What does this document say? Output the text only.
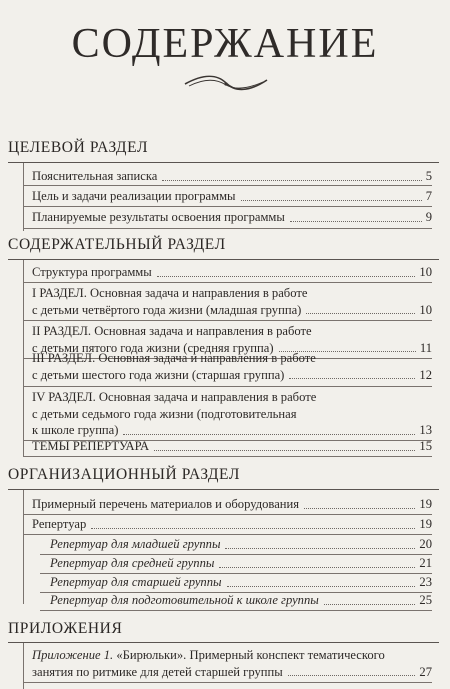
СОДЕРЖАНИЕ
ЦЕЛЕВОЙ РАЗДЕЛ
Пояснительная записка	5
Цель и задачи реализации программы	7
Планируемые результаты освоения программы	9
СОДЕРЖАТЕЛЬНЫЙ РАЗДЕЛ
Структура программы	10
I РАЗДЕЛ. Основная задача и направления в работе
с детьми четвёртого года жизни (младшая группа)	10
II РАЗДЕЛ. Основная задача и направления в работе
с детьми пятого года жизни (средняя группа)	11
III РАЗДЕЛ. Основная задача и направления в работе
с детьми шестого года жизни (старшая группа)	12
IV РАЗДЕЛ. Основная задача и направления в работе
с детьми седьмого года жизни (подготовительная
к школе группа)	13
ТЕМЫ РЕПЕРТУАРА	15
ОРГАНИЗАЦИОННЫЙ РАЗДЕЛ
Примерный перечень материалов и оборудования	19
Репертуар	19
Репертуар для младшей группы	20
Репертуар для средней группы	21
Репертуар для старшей группы	23
Репертуар для подготовительной к школе группы	25
ПРИЛОЖЕНИЯ
Приложение 1. «Бирюльки». Примерный конспект тематического
занятия по ритмике для детей старшей группы	27
